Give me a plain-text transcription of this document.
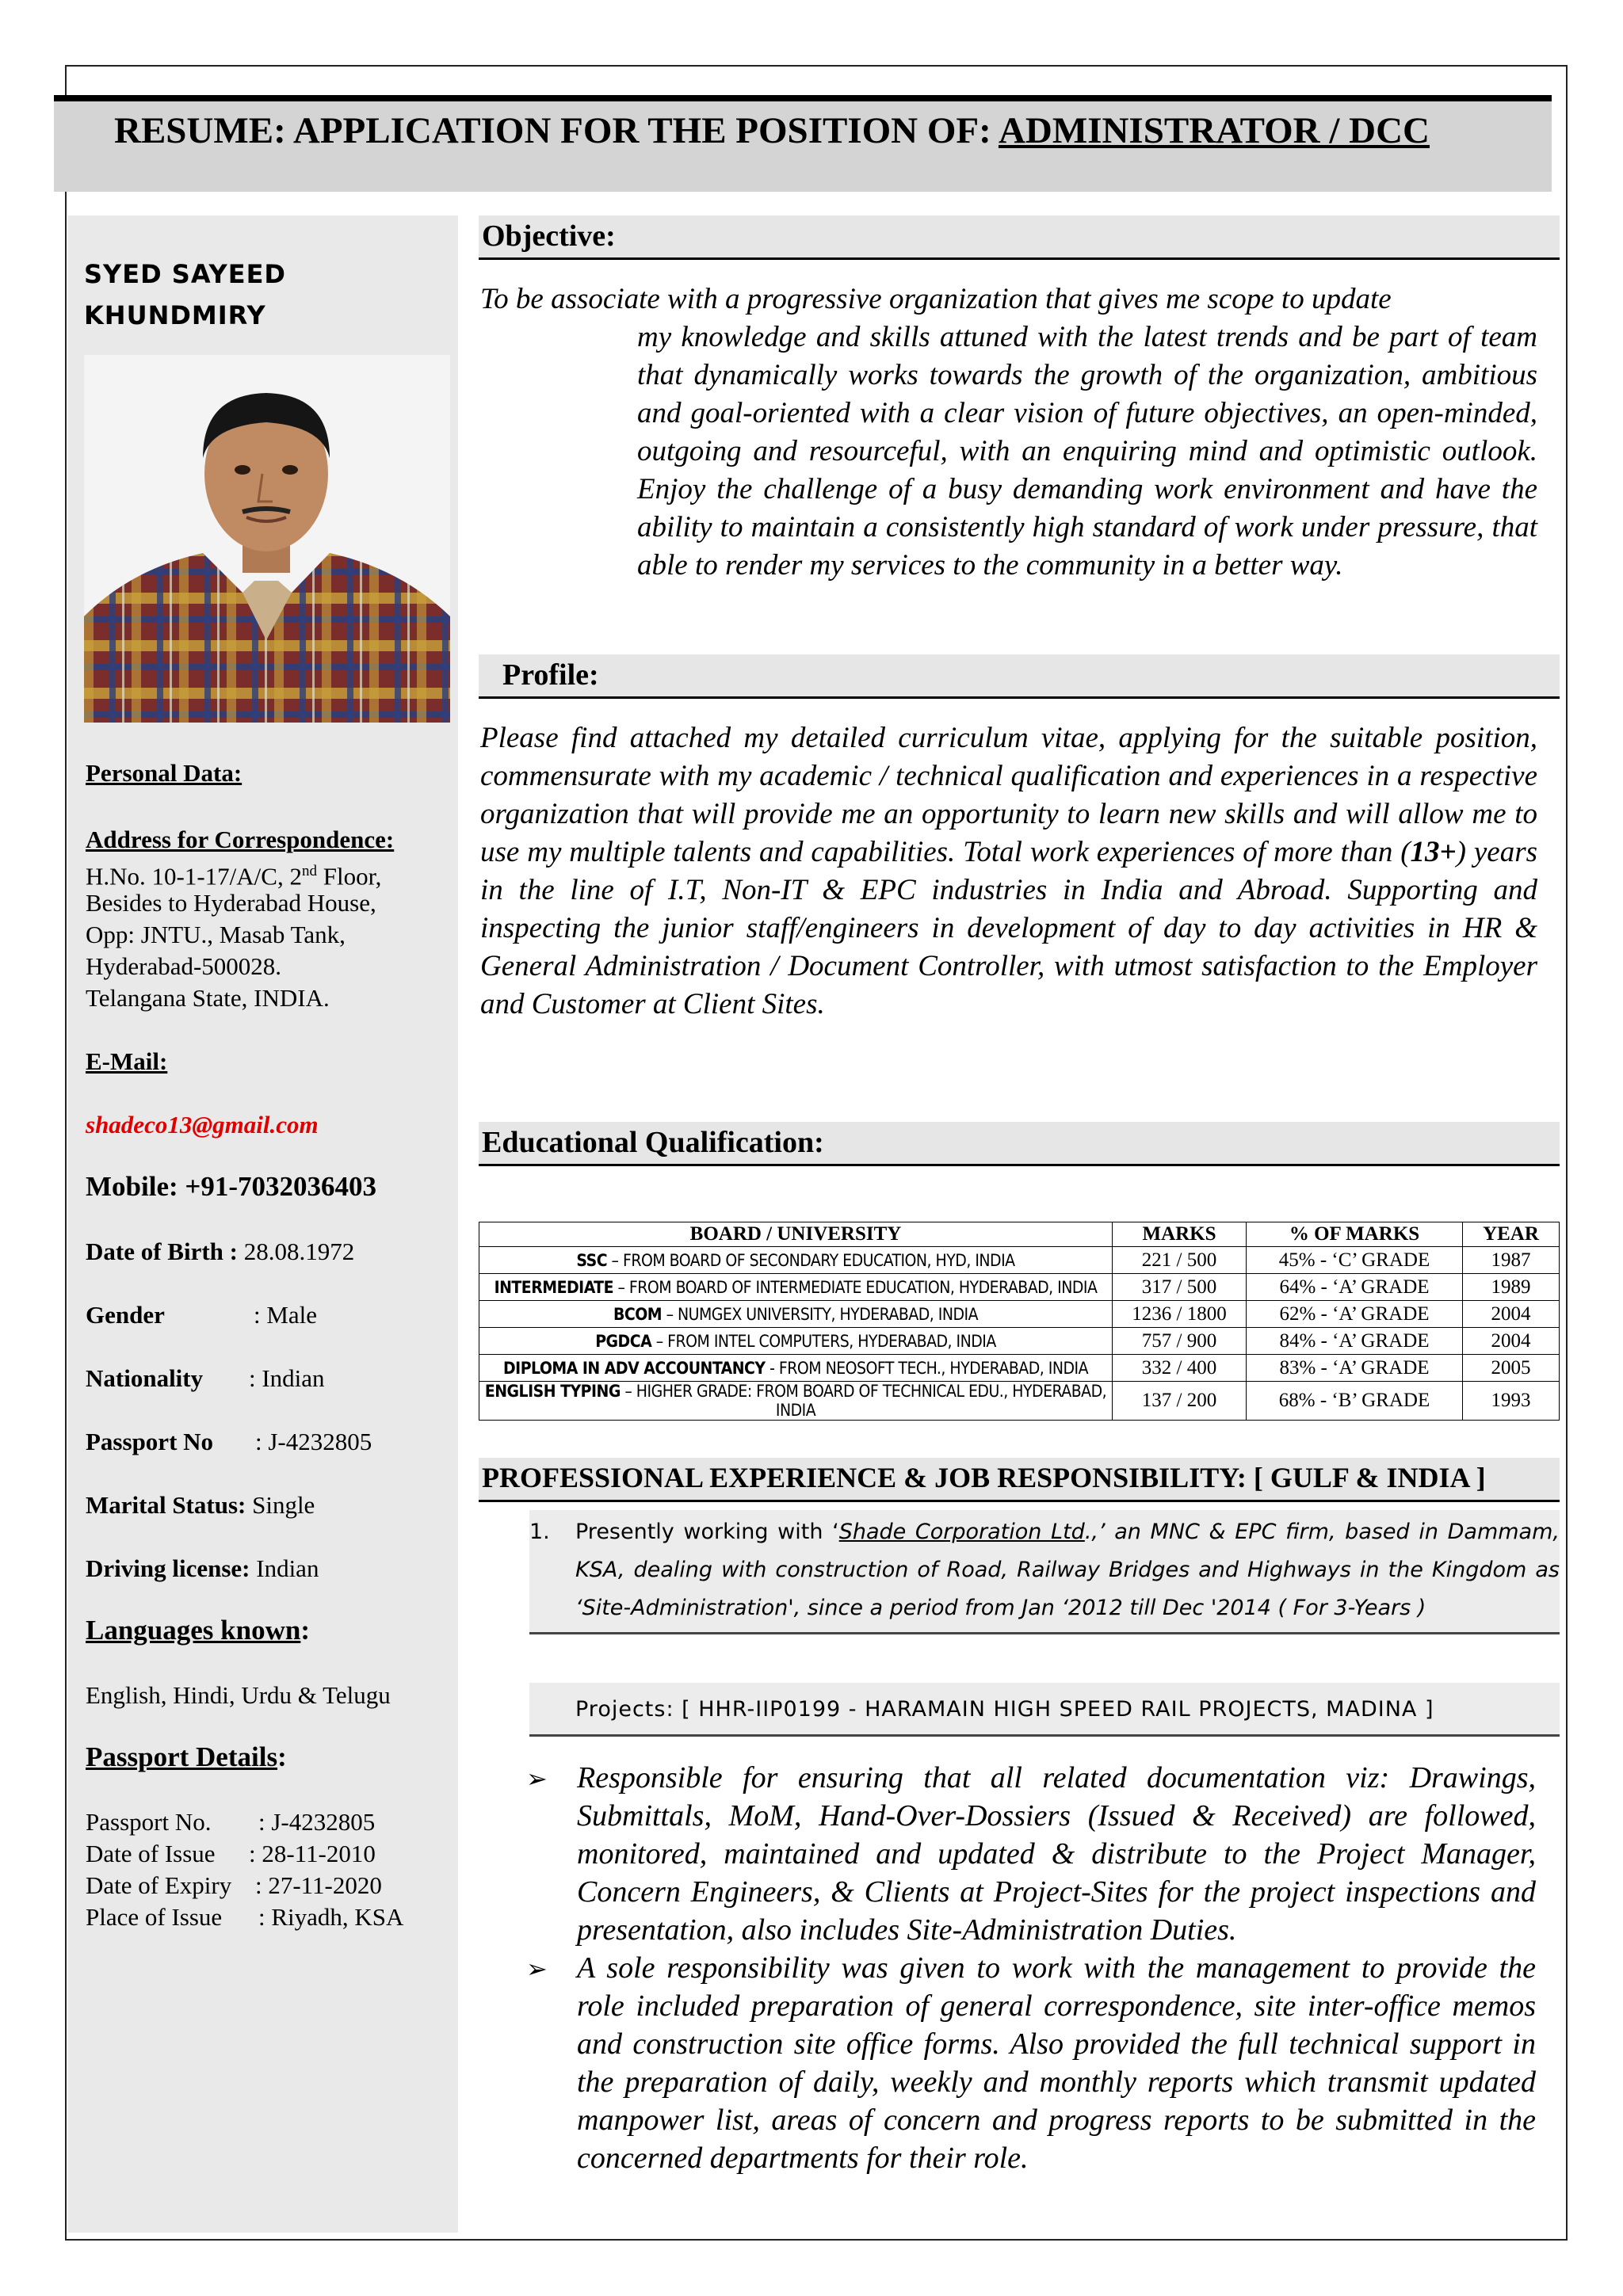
RESUME: APPLICATION FOR THE POSITION OF: ADMINISTRATOR / DCC
SYED SAYEED
KHUNDMIRY
Personal Data:
Address for Correspondence:
H.No. 10-1-17/A/C, 2nd Floor,
Besides to Hyderabad House,
Opp: JNTU., Masab Tank,
Hyderabad-500028.
Telangana State, INDIA.
E-Mail:
shadeco13@gmail.com
Mobile: +91-7032036403
Date of Birth : 28.08.1972
Gender	: Male
Nationality : Indian
Passport No : J-4232805
Marital Status: Single
Driving license: Indian
Languages known:
English, Hindi, Urdu & Telugu
Passport Details:
Passport No. : J-4232805
Date of Issue : 28-11-2010
Date of Expiry : 27-11-2020
Place of Issue : Riyadh, KSA
Objective:
To be associate with a progressive organization that gives me scope to update
my knowledge and skills attuned with the latest trends and be part of team that dynamically works towards the growth of the organization, ambitious and goal-oriented with a clear vision of future objectives, an open-minded, outgoing and resourceful, with an enquiring mind and optimistic outlook. Enjoy the challenge of a busy demanding work environment and have the ability to maintain a consistently high standard of work under pressure, that able to render my services to the community in a better way.
Profile:
Please find attached my detailed curriculum vitae, applying for the suitable position, commensurate with my academic / technical qualification and experiences in a respective organization that will provide me an opportunity to learn new skills and will allow me to use my multiple talents and capabilities. Total work experiences of more than (13+) years in the line of I.T, Non-IT & EPC industries in India and Abroad. Supporting and inspecting the junior staff/engineers in development of day to day activities in HR & General Administration / Document Controller, with utmost satisfaction to the Employer and Customer at Client Sites.
Educational Qualification:
BOARD / UNIVERSITY	MARKS	% OF MARKS	YEAR
SSC – FROM BOARD OF SECONDARY EDUCATION, HYD, INDIA	221 / 500	45% - ‘C’ GRADE	1987
INTERMEDIATE – FROM BOARD OF INTERMEDIATE EDUCATION, HYDERABAD, INDIA	317 / 500	64% - ‘A’ GRADE	1989
BCOM – NUMGEX UNIVERSITY, HYDERABAD, INDIA	1236 / 1800	62% - ‘A’ GRADE	2004
PGDCA – FROM INTEL COMPUTERS, HYDERABAD, INDIA	757 / 900	84% - ‘A’ GRADE	2004
DIPLOMA IN ADV ACCOUNTANCY - FROM NEOSOFT TECH., HYDERABAD, INDIA	332 / 400	83% - ‘A’ GRADE	2005
ENGLISH TYPING – HIGHER GRADE: FROM BOARD OF TECHNICAL EDU., HYDERABAD, INDIA	137 / 200	68% - ‘B’ GRADE	1993
PROFESSIONAL EXPERIENCE & JOB RESPONSIBILITY: [ GULF & INDIA ]
1. Presently working with ‘Shade Corporation Ltd.,’ an MNC & EPC firm, based in Dammam, KSA, dealing with construction of Road, Railway Bridges and Highways in the Kingdom as ‘Site-Administration', since a period from Jan ‘2012 till Dec '2014 ( For 3-Years )
Projects: [ HHR-IIP0199 - HARAMAIN HIGH SPEED RAIL PROJECTS, MADINA ]
➢ Responsible for ensuring that all related documentation viz: Drawings, Submittals, MoM, Hand-Over-Dossiers (Issued & Received) are followed, monitored, maintained and updated & distribute to the Project Manager, Concern Engineers, & Clients at Project-Sites for the project inspections and presentation, also includes Site-Administration Duties.
➢ A sole responsibility was given to work with the management to provide the role included preparation of general correspondence, site inter-office memos and construction site office forms. Also provided the full technical support in the preparation of daily, weekly and monthly reports which transmit updated manpower list, areas of concern and progress reports to be submitted in the concerned departments for their role.
